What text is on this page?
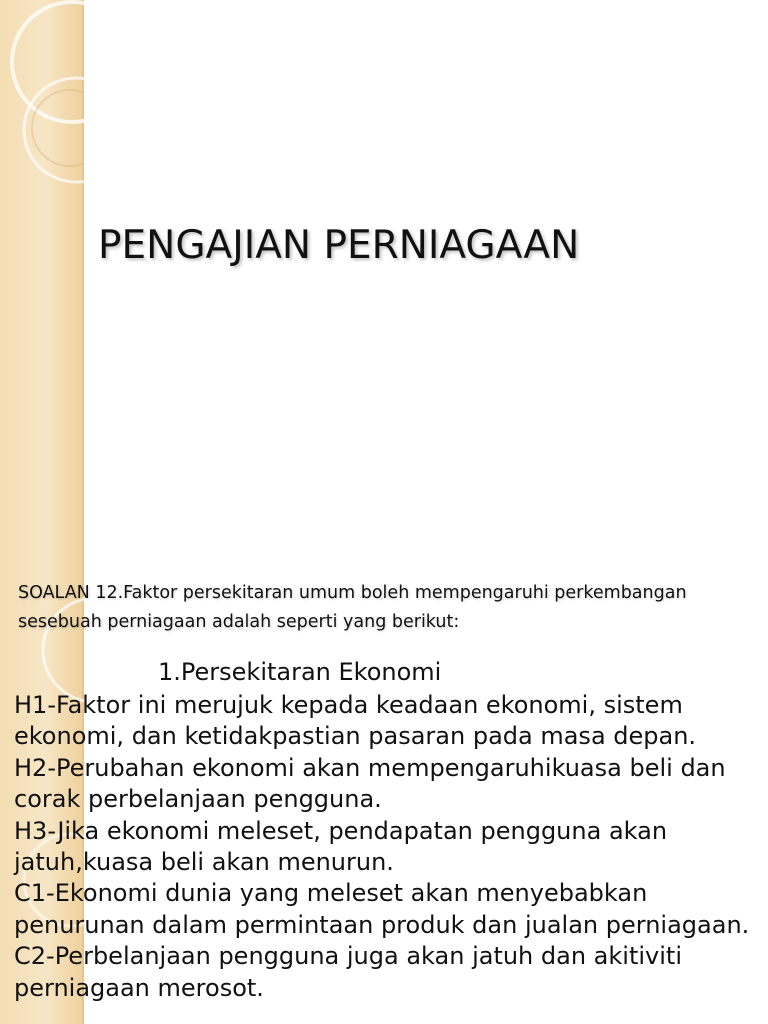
PENGAJIAN PERNIAGAAN
SOALAN 12.Faktor persekitaran umum boleh mempengaruhi perkembangan
sesebuah perniagaan adalah seperti yang berikut:
1.Persekitaran Ekonomi
H1-Faktor ini merujuk kepada keadaan ekonomi, sistem
ekonomi, dan ketidakpastian pasaran pada masa depan.
H2-Perubahan ekonomi akan mempengaruhikuasa beli dan
corak perbelanjaan pengguna.
H3-Jika ekonomi meleset, pendapatan pengguna akan
jatuh,kuasa beli akan menurun.
C1-Ekonomi dunia yang meleset akan menyebabkan
penurunan dalam permintaan produk dan jualan perniagaan.
C2-Perbelanjaan pengguna juga akan jatuh dan akitiviti
perniagaan merosot.
